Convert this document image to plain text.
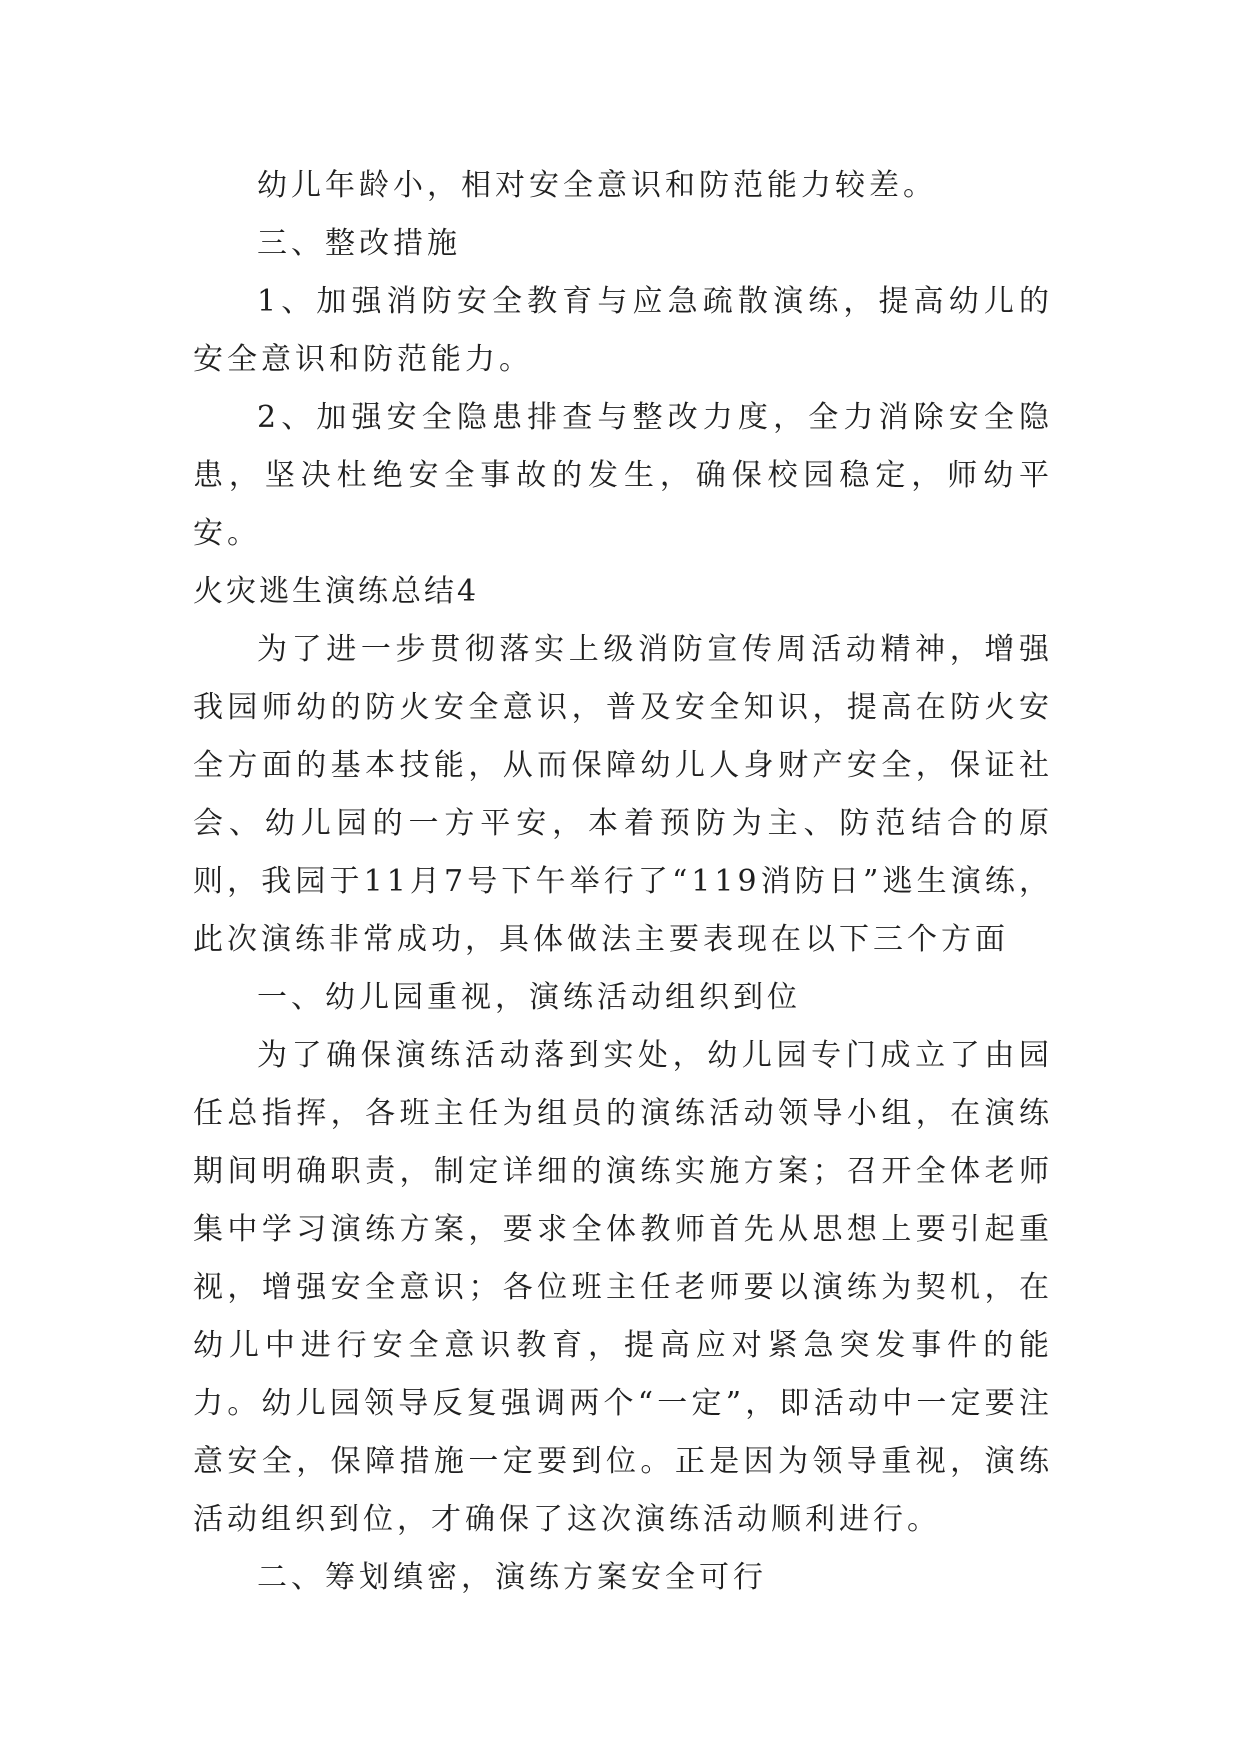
幼儿年龄小，相对安全意识和防范能力较差。

三、整改措施

1、加强消防安全教育与应急疏散演练，提高幼儿的安全意识和防范能力。

2、加强安全隐患排查与整改力度，全力消除安全隐患，坚决杜绝安全事故的发生，确保校园稳定，师幼平安。

火灾逃生演练总结4

为了进一步贯彻落实上级消防宣传周活动精神，增强我园师幼的防火安全意识，普及安全知识，提高在防火安全方面的基本技能，从而保障幼儿人身财产安全，保证社会、幼儿园的一方平安，本着预防为主、防范结合的原则，我园于11月7号下午举行了“119消防日”逃生演练，此次演练非常成功，具体做法主要表现在以下三个方面

一、幼儿园重视，演练活动组织到位

为了确保演练活动落到实处，幼儿园专门成立了由园任总指挥，各班主任为组员的演练活动领导小组，在演练期间明确职责，制定详细的演练实施方案；召开全体老师集中学习演练方案，要求全体教师首先从思想上要引起重视，增强安全意识；各位班主任老师要以演练为契机，在幼儿中进行安全意识教育，提高应对紧急突发事件的能力。幼儿园领导反复强调两个“一定”，即活动中一定要注意安全，保障措施一定要到位。正是因为领导重视，演练活动组织到位，才确保了这次演练活动顺利进行。

二、筹划缜密，演练方案安全可行
